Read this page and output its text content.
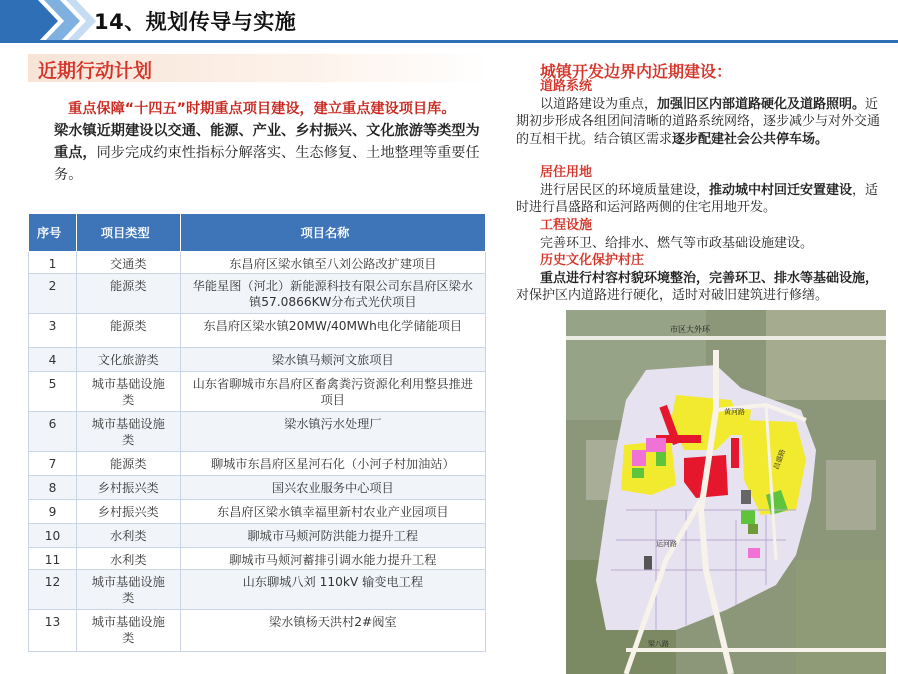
14、规划传导与实施
近期行动计划
重点保障“十四五”时期重点项目建设，建立重点建设项目库。
梁水镇近期建设以交通、能源、产业、乡村振兴、文化旅游等类型为重点，同步完成约束性指标分解落实、生态修复、土地整理等重要任务。
序号	项目类型	项目名称
1	交通类	东昌府区梁水镇至八刘公路改扩建项目
2	能源类	华能星图（河北）新能源科技有限公司东昌府区梁水镇57.0866KW分布式光伏项目
3	能源类	东昌府区梁水镇20MW/40MWh电化学储能项目
4	文化旅游类	梁水镇马颊河文旅项目
5	城市基础设施类	山东省聊城市东昌府区畜禽粪污资源化利用整县推进项目
6	城市基础设施类	梁水镇污水处理厂
7	能源类	聊城市东昌府区星河石化（小河子村加油站）
8	乡村振兴类	国兴农业服务中心项目
9	乡村振兴类	东昌府区梁水镇幸福里新村农业产业园项目
10	水利类	聊城市马颊河防洪能力提升工程
11	水利类	聊城市马颊河蓄排引调水能力提升工程
12	城市基础设施类	山东聊城八刘 110kV 输变电工程
13	城市基础设施类	梁水镇杨天洪村2#阀室
城镇开发边界内近期建设：
道路系统
以道路建设为重点，加强旧区内部道路硬化及道路照明。近期初步形成各组团间清晰的道路系统网络，逐步减少与对外交通的互相干扰。结合镇区需求逐步配建社会公共停车场。
居住用地
进行居民区的环境质量建设，推动城中村回迁安置建设，适时进行昌盛路和运河路两侧的住宅用地开发。
工程设施
完善环卫、给排水、燃气等市政基础设施建设。
历史文化保护村庄
重点进行村容村貌环境整治，完善环卫、排水等基础设施，对保护区内道路进行硬化，适时对破旧建筑进行修缮。
市区大外环
黄河路
昌盛路
运河路
梁八路
